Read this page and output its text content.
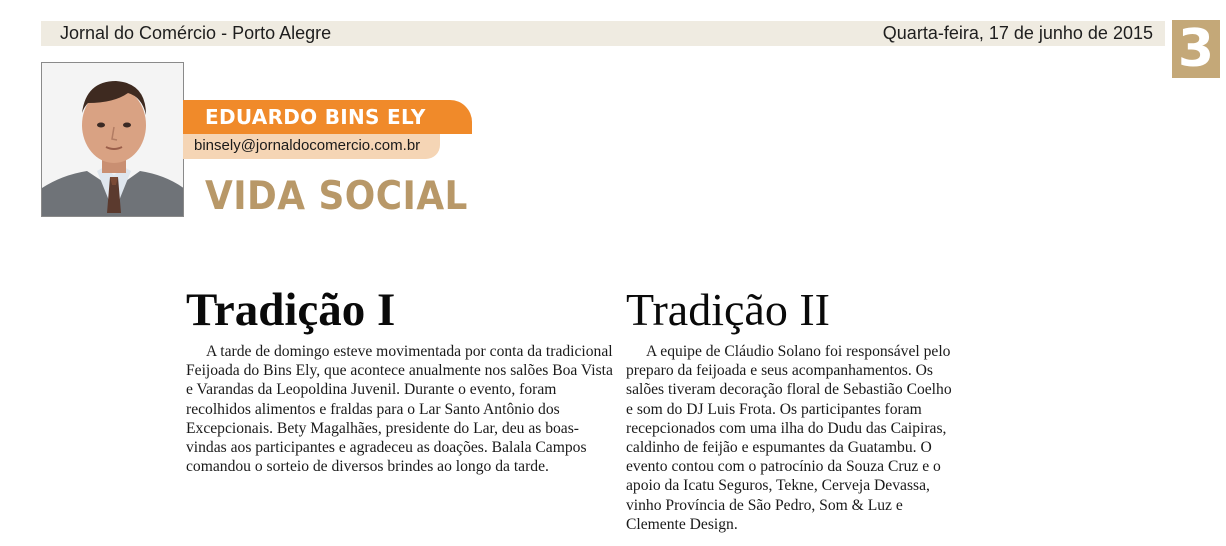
Jornal do Comércio - Porto Alegre	Quarta-feira, 17 de junho de 2015 3
EDUARDO BINS ELY
binsely@jornaldocomercio.com.br
VIDA SOCIAL
Tradição I

A tarde de domingo esteve movimentada por conta da tradicional Feijoada do Bins Ely, que acontece anualmente nos salões Boa Vista e Varandas da Leopoldina Juvenil. Durante o evento, foram recolhidos alimentos e fraldas para o Lar Santo Antônio dos Excepcionais. Bety Magalhães, presidente do Lar, deu as boas-vindas aos participantes e agradeceu as doações. Balala Campos comandou o sorteio de diversos brindes ao longo da tarde.

Tradição II

A equipe de Cláudio Solano foi responsável pelo preparo da feijoada e seus acompanhamentos. Os salões tiveram decoração floral de Sebastião Coelho e som do DJ Luis Frota. Os participantes foram recepcionados com uma ilha do Dudu das Caipiras, caldinho de feijão e espumantes da Guatambu. O evento contou com o patrocínio da Souza Cruz e o apoio da Icatu Seguros, Tekne, Cerveja Devassa, vinho Província de São Pedro, Som & Luz e Clemente Design.
